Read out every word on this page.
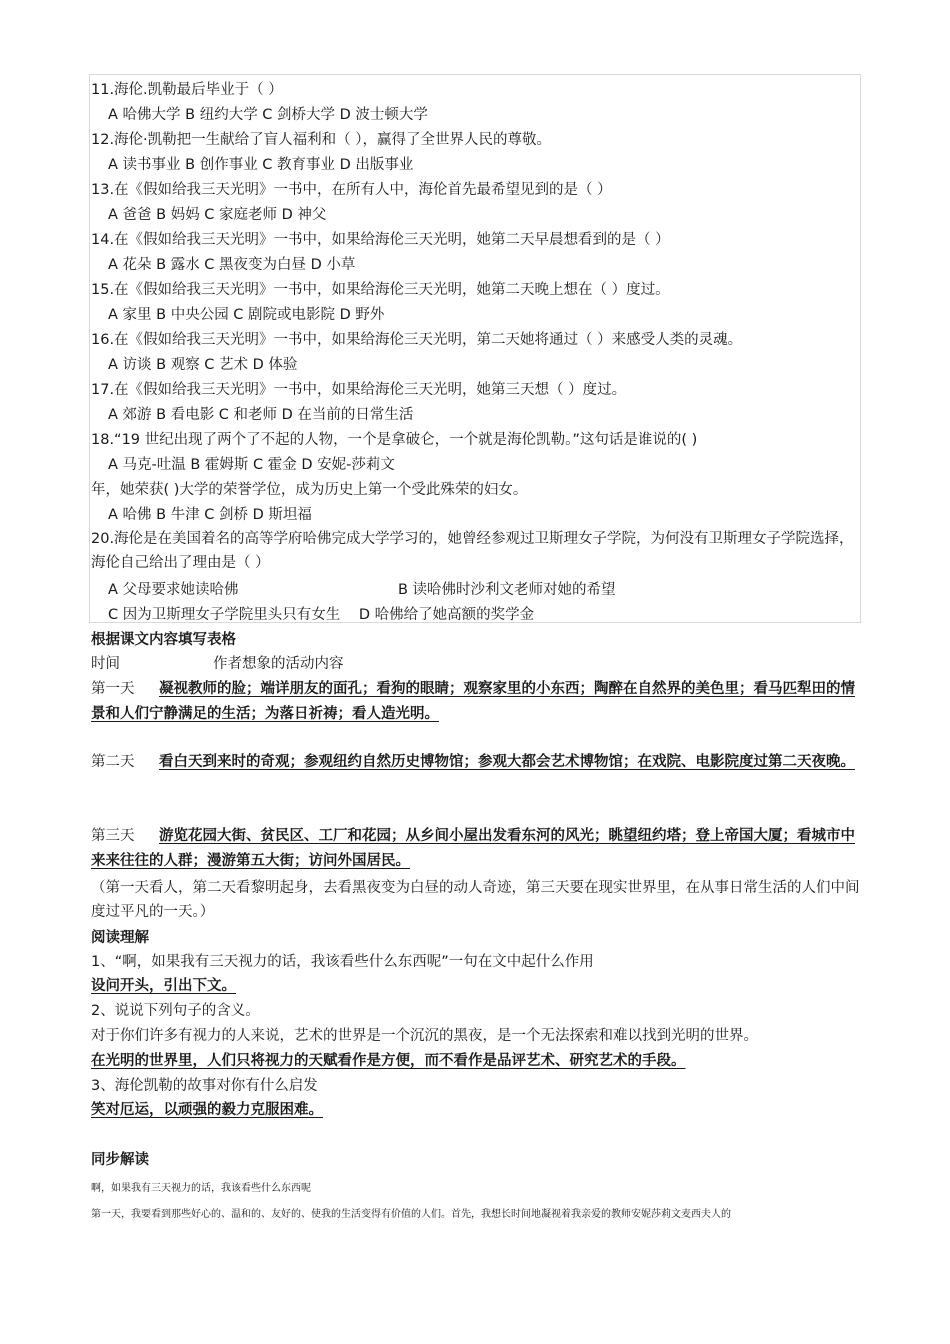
11.海伦.凯勒最后毕业于（ ）
A 哈佛大学 B 纽约大学 C 剑桥大学 D 波士顿大学
12.海伦·凯勒把一生献给了盲人福利和（ ），赢得了全世界人民的尊敬。
A 读书事业 B 创作事业 C 教育事业 D 出版事业
13.在《假如给我三天光明》一书中，在所有人中，海伦首先最希望见到的是（ ）
A 爸爸 B 妈妈 C 家庭老师 D 神父
14.在《假如给我三天光明》一书中，如果给海伦三天光明，她第二天早晨想看到的是（ ）
A 花朵 B 露水 C 黑夜变为白昼 D 小草
15.在《假如给我三天光明》一书中，如果给海伦三天光明，她第二天晚上想在（ ）度过。
A 家里 B 中央公园 C 剧院或电影院 D 野外
16.在《假如给我三天光明》一书中，如果给海伦三天光明，第二天她将通过（ ）来感受人类的灵魂。
A 访谈 B 观察 C 艺术 D 体验
17.在《假如给我三天光明》一书中，如果给海伦三天光明，她第三天想（ ）度过。
A 郊游 B 看电影 C 和老师 D 在当前的日常生活
18.“19 世纪出现了两个了不起的人物，一个是拿破仑，一个就是海伦凯勒。”这句话是谁说的( )
A 马克-吐温 B 霍姆斯 C 霍金 D 安妮-莎莉文
年，她荣获( )大学的荣誉学位，成为历史上第一个受此殊荣的妇女。
A 哈佛 B 牛津 C 剑桥 D 斯坦福
20.海伦是在美国着名的高等学府哈佛完成大学学习的，她曾经参观过卫斯理女子学院，为何没有卫斯理女子学院选择，海伦自己给出了理由是（ ）
A 父母要求她读哈佛	B 读哈佛时沙利文老师对她的希望
C 因为卫斯理女子学院里头只有女生 D 哈佛给了她高额的奖学金
根据课文内容填写表格
时间	作者想象的活动内容
第一天 凝视教师的脸；端详朋友的面孔；看狗的眼睛；观察家里的小东西；陶醉在自然界的美色里；看马匹犁田的情景和人们宁静满足的生活；为落日祈祷；看人造光明。
第二天 看白天到来时的奇观；参观纽约自然历史博物馆；参观大都会艺术博物馆；在戏院、电影院度过第二天夜晚。
第三天 游览花园大街、贫民区、工厂和花园；从乡间小屋出发看东河的风光；眺望纽约塔；登上帝国大厦；看城市中来来往往的人群；漫游第五大街；访问外国居民。
（第一天看人，第二天看黎明起身，去看黑夜变为白昼的动人奇迹，第三天要在现实世界里，在从事日常生活的人们中间度过平凡的一天。）
阅读理解
1、“啊，如果我有三天视力的话，我该看些什么东西呢”一句在文中起什么作用
设问开头，引出下文。
2、说说下列句子的含义。
对于你们许多有视力的人来说，艺术的世界是一个沉沉的黑夜，是一个无法探索和难以找到光明的世界。
在光明的世界里，人们只将视力的天赋看作是方便，而不看作是品评艺术、研究艺术的手段。
3、海伦凯勒的故事对你有什么启发
笑对厄运，以顽强的毅力克服困难。
同步解读
啊，如果我有三天视力的话，我该看些什么东西呢
第一天，我要看到那些好心的、温和的、友好的、使我的生活变得有价值的人们。首先，我想长时间地凝视着我亲爱的教师安妮莎莉文麦西夫人的
